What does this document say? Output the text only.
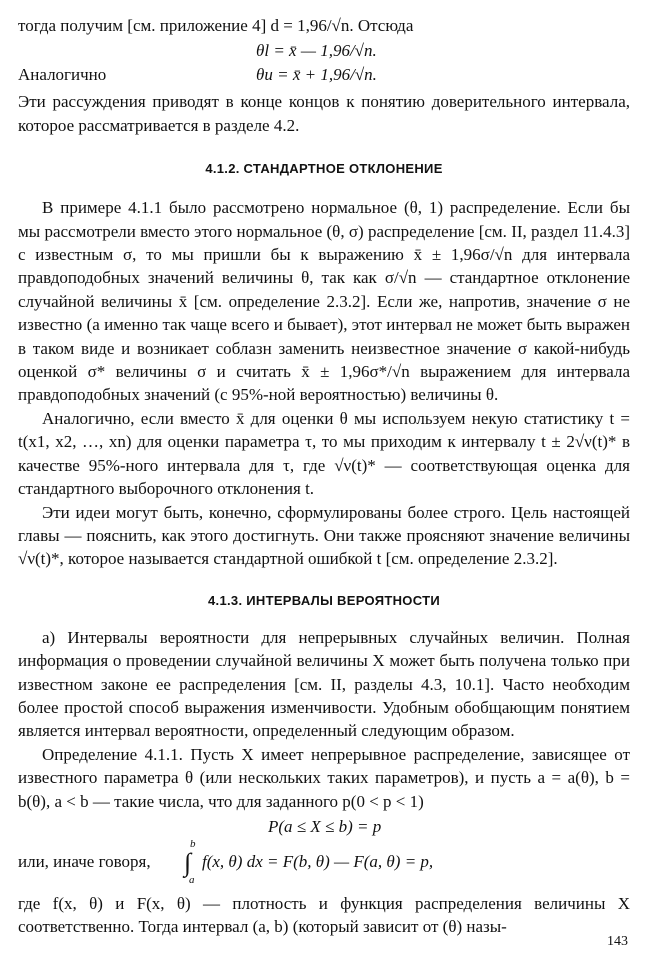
тогда получим [см. приложение 4] d = 1,96/√n. Отсюда

θl = x̄ — 1,96/√n.
Аналогично	θu = x̄ + 1,96/√n.

Эти рассуждения приводят в конце концов к понятию доверительного интервала, которое рассматривается в разделе 4.2.

4.1.2. СТАНДАРТНОЕ ОТКЛОНЕНИЕ

В примере 4.1.1 было рассмотрено нормальное (θ, 1) распределение. Если бы мы рассмотрели вместо этого нормальное (θ, σ) распределение [см. II, раздел 11.4.3] с известным σ, то мы пришли бы к выражению x̄ ± 1,96σ/√n для интервала правдоподобных значений величины θ, так как σ/√n — стандартное отклонение случайной величины x̄ [см. определение 2.3.2]. Если же, напротив, значение σ не известно (а именно так чаще всего и бывает), этот интервал не может быть выражен в таком виде и возникает соблазн заменить неизвестное значение σ какой-нибудь оценкой σ* величины σ и считать x̄ ± 1,96σ*/√n выражением для интервала правдоподобных значений (с 95%-ной вероятностью) величины θ.

Аналогично, если вместо x̄ для оценки θ мы используем некую статистику t = t(x1, x2, …, xn) для оценки параметра τ, то мы приходим к интервалу t ± 2√ν(t)* в качестве 95%-ного интервала для τ, где √ν(t)* — соответствующая оценка для стандартного выборочного отклонения t.

Эти идеи могут быть, конечно, сформулированы более строго. Цель настоящей главы — пояснить, как этого достигнуть. Они также проясняют значение величины √ν(t)*, которое называется стандартной ошибкой t [см. определение 2.3.2].

4.1.3. ИНТЕРВАЛЫ ВЕРОЯТНОСТИ

а) Интервалы вероятности для непрерывных случайных величин. Полная информация о проведении случайной величины X может быть получена только при известном законе ее распределения [см. II, разделы 4.3, 10.1]. Часто необходим более простой способ выражения изменчивости. Удобным обобщающим понятием является интервал вероятности, определенный следующим образом.

Определение 4.1.1. Пусть X имеет непрерывное распределение, зависящее от известного параметра θ (или нескольких таких параметров), и пусть a = a(θ), b = b(θ), a < b — такие числа, что для заданного p(0 < p < 1)

P(a ≤ X ≤ b) = p
или, иначе говоря,
b
∫
a
f(x, θ) dx = F(b, θ) — F(a, θ) = p,

где f(x, θ) и F(x, θ) — плотность и функция распределения величины X соответственно. Тогда интервал (a, b) (который зависит от (θ) назы-

143
